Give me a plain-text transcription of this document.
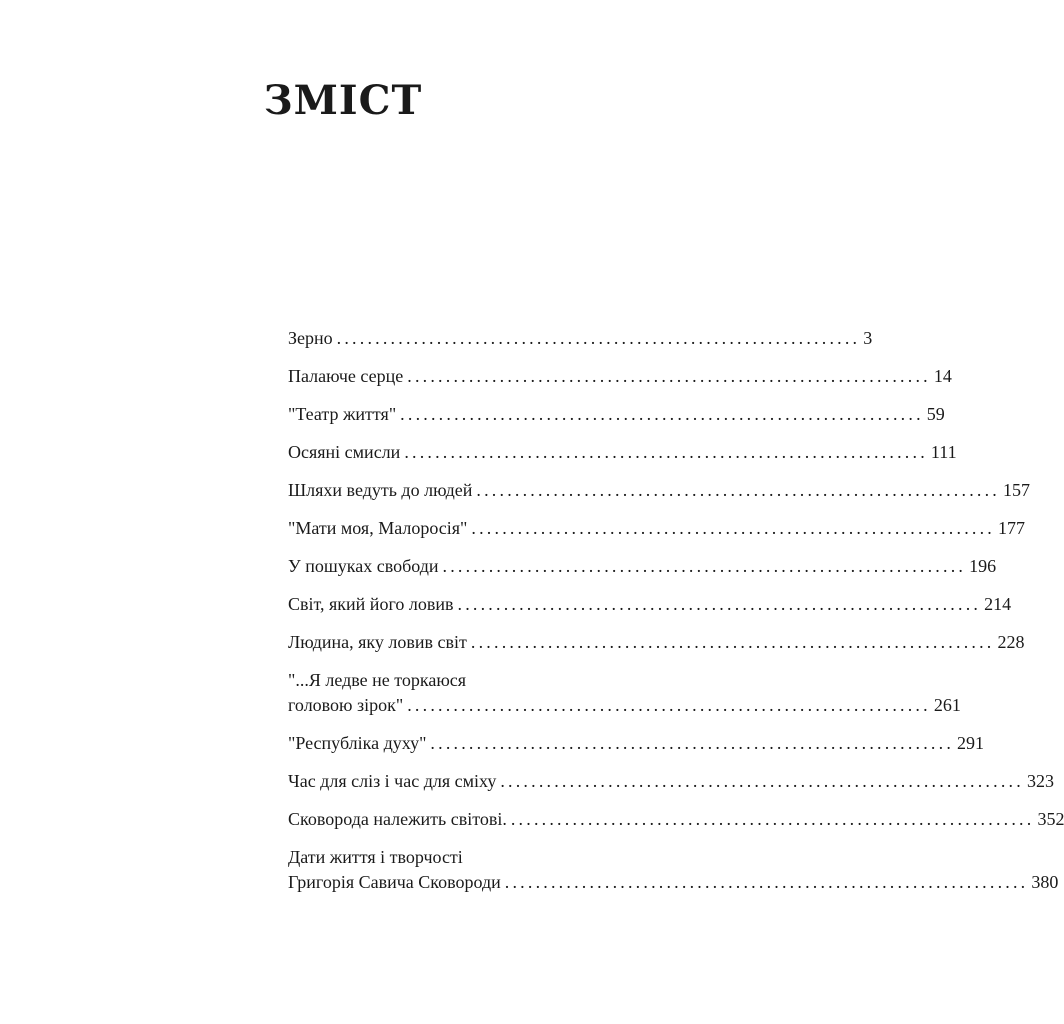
ЗМІСТ
Зерно .................................................................... 3
Палаюче серце .................................................................... 14
"Театр життя" .................................................................... 59
Осяяні смисли .................................................................... 111
Шляхи ведуть до людей .................................................................... 157
"Мати моя, Малоросія" .................................................................... 177
У пошуках свободи .................................................................... 196
Світ, який його ловив .................................................................... 214
Людина, яку ловив світ .................................................................... 228
"...Я ледве не торкаюся
головою зірок" .................................................................... 261
"Республіка духу" .................................................................... 291
Час для сліз і час для сміху .................................................................... 323
Сковорода належить світові. .................................................................... 352
Дати життя і творчості
Григорія Савича Сковороди .................................................................... 380
